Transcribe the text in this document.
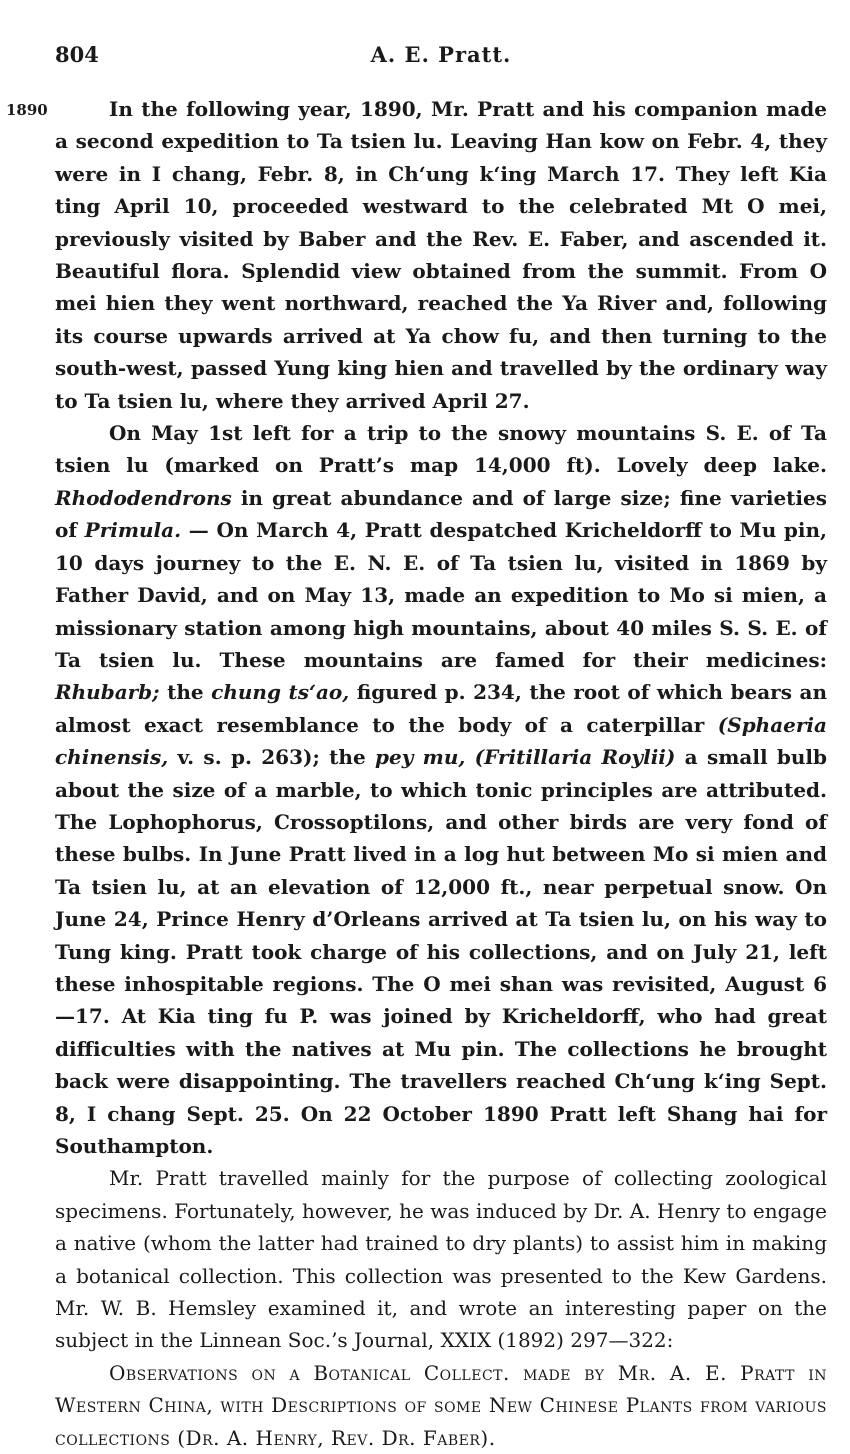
804	A. E. Pratt.
1890	In the following year, 1890, Mr. Pratt and his companion made a second expedition to Ta tsien lu. Leaving Han kow on Febr. 4, they were in I chang, Febr. 8, in Ch‘ung k‘ing March 17. They left Kia ting April 10, proceeded westward to the celebrated Mt O mei, previously visited by Baber and the Rev. E. Faber, and ascended it. Beautiful flora. Splendid view obtained from the summit. From O mei hien they went northward, reached the Ya River and, following its course upwards arrived at Ya chow fu, and then turning to the south-west, passed Yung king hien and travelled by the ordinary way to Ta tsien lu, where they arrived April 27.

On May 1st left for a trip to the snowy mountains S. E. of Ta tsien lu (marked on Pratt’s map 14,000 ft). Lovely deep lake. Rhododendrons in great abundance and of large size; fine varieties of Primula. — On March 4, Pratt despatched Kricheldorff to Mu pin, 10 days journey to the E. N. E. of Ta tsien lu, visited in 1869 by Father David, and on May 13, made an expedition to Mo si mien, a missionary station among high mountains, about 40 miles S. S. E. of Ta tsien lu. These mountains are famed for their medicines: Rhubarb; the chung ts‘ao, figured p. 234, the root of which bears an almost exact resemblance to the body of a caterpillar (Sphaeria chinensis, v. s. p. 263); the pey mu, (Fritillaria Roylii) a small bulb about the size of a marble, to which tonic principles are attributed. The Lophophorus, Crossoptilons, and other birds are very fond of these bulbs. In June Pratt lived in a log hut between Mo si mien and Ta tsien lu, at an elevation of 12,000 ft., near perpetual snow. On June 24, Prince Henry d’Orleans arrived at Ta tsien lu, on his way to Tung king. Pratt took charge of his collections, and on July 21, left these inhospitable regions. The O mei shan was revisited, August 6—17. At Kia ting fu P. was joined by Kricheldorff, who had great difficulties with the natives at Mu pin. The collections he brought back were disappointing. The travellers reached Ch‘ung k‘ing Sept. 8, I chang Sept. 25. On 22 October 1890 Pratt left Shang hai for Southampton.

Mr. Pratt travelled mainly for the purpose of collecting zoological specimens. Fortunately, however, he was induced by Dr. A. Henry to engage a native (whom the latter had trained to dry plants) to assist him in making a botanical collection. This collection was presented to the Kew Gardens. Mr. W. B. Hemsley examined it, and wrote an interesting paper on the subject in the Linnean Soc.’s Journal, XXIX (1892) 297—322:

Observations on a Botanical Collect. made by Mr. A. E. Pratt in Western China, with Descriptions of some New Chinese Plants from various collections (Dr. A. Henry, Rev. Dr. Faber).
